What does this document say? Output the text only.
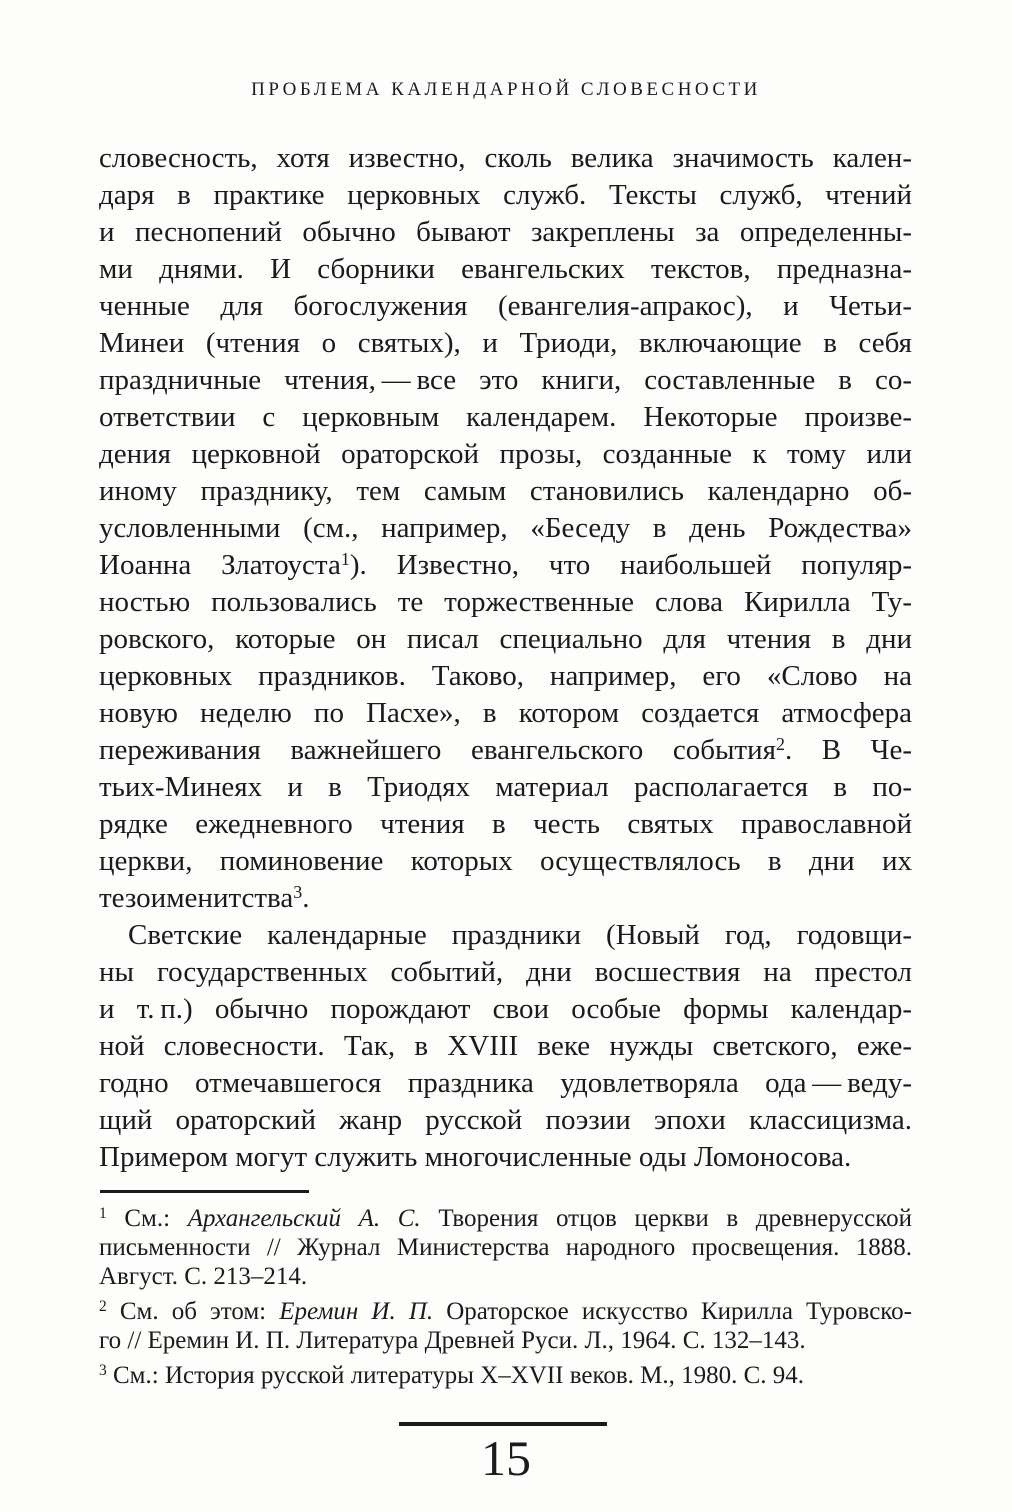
ПРОБЛЕМА КАЛЕНДАРНОЙ СЛОВЕСНОСТИ
словесность, хотя известно, сколь велика значимость кален-
даря в практике церковных служб. Тексты служб, чтений
и песнопений обычно бывают закреплены за определенны-
ми днями. И сборники евангельских текстов, предназна-
ченные для богослужения (евангелия-апракос), и Четьи-
Минеи (чтения о святых), и Триоди, включающие в себя
праздничные чтения, — все это книги, составленные в со-
ответствии с церковным календарем. Некоторые произве-
дения церковной ораторской прозы, созданные к тому или
иному празднику, тем самым становились календарно об-
условленными (см., например, «Беседу в день Рождества»
Иоанна Златоуста$^1$). Известно, что наибольшей популяр-
ностью пользовались те торжественные слова Кирилла Ту-
ровского, которые он писал специально для чтения в дни
церковных праздников. Таково, например, его «Слово на
новую неделю по Пасхе», в котором создается атмосфера
переживания важнейшего евангельского события$^2$. В Че-
тьих-Минеях и в Триодях материал располагается в по-
рядке ежедневного чтения в честь святых православной
церкви, поминовение которых осуществлялось в дни их
тезоименитства$^3$.
Светские календарные праздники (Новый год, годовщи-
ны государственных событий, дни восшествия на престол
и т. п.) обычно порождают свои особые формы календар-
ной словесности. Так, в XVIII веке нужды светского, еже-
годно отмечавшегося праздника удовлетворяла ода — веду-
щий ораторский жанр русской поэзии эпохи классицизма.
Примером могут служить многочисленные оды Ломоносова.
$^1$ См.: Архангельский А. С. Творения отцов церкви в древнерусской
письменности // Журнал Министерства народного просвещения. 1888.
Август. С. 213–214.
$^2$ См. об этом: Еремин И. П. Ораторское искусство Кирилла Туровско-
го // Еремин И. П. Литература Древней Руси. Л., 1964. С. 132–143.
$^3$ См.: История русской литературы X–XVII веков. М., 1980. С. 94.
15
